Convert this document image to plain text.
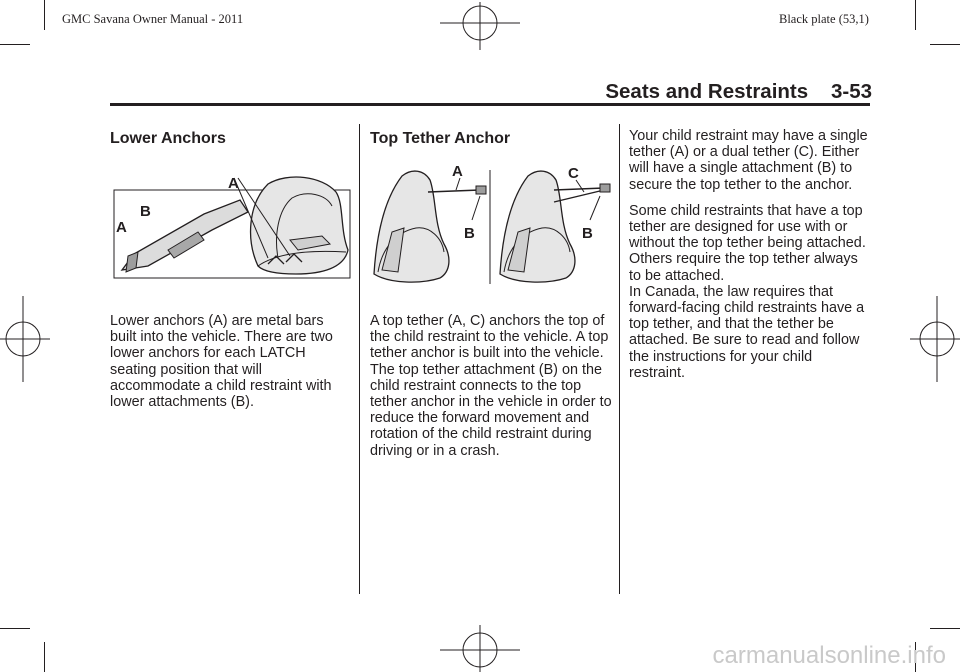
GMC Savana Owner Manual - 2011	Black plate (53,1)
Seats and Restraints 3-53
Lower Anchors
A
B
A

Lower anchors (A) are metal bars built into the vehicle. There are two lower anchors for each LATCH seating position that will accommodate a child restraint with lower attachments (B).

Top Tether Anchor
A
B
C
B

A top tether (A, C) anchors the top of the child restraint to the vehicle. A top tether anchor is built into the vehicle. The top tether attachment (B) on the child restraint connects to the top tether anchor in the vehicle in order to reduce the forward movement and rotation of the child restraint during driving or in a crash.

Your child restraint may have a single tether (A) or a dual tether (C). Either will have a single attachment (B) to secure the top tether to the anchor.

Some child restraints that have a top tether are designed for use with or without the top tether being attached. Others require the top tether always to be attached.
In Canada, the law requires that forward-facing child restraints have a top tether, and that the tether be attached. Be sure to read and follow the instructions for your child restraint.

carmanualsonline.info
